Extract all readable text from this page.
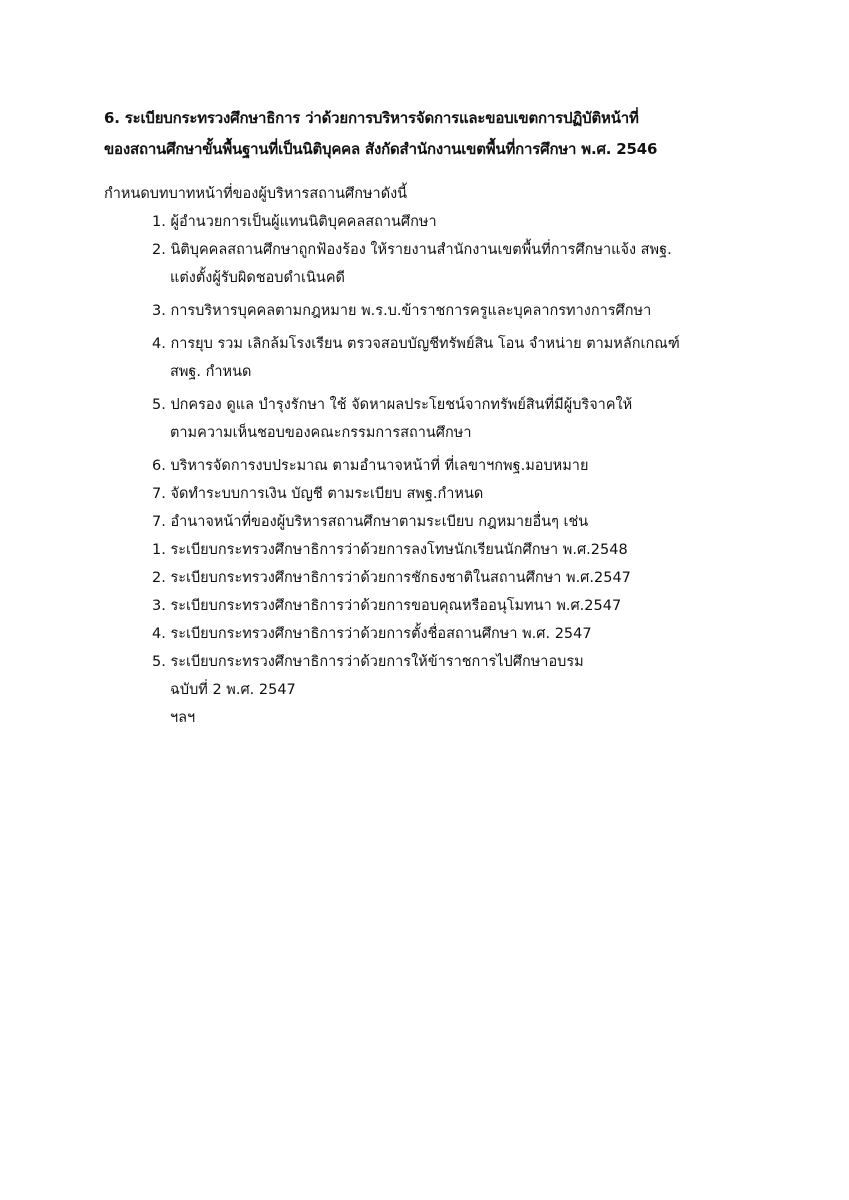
6. ระเบียบกระทรวงศึกษาธิการ ว่าด้วยการบริหารจัดการและขอบเขตการปฏิบัติหน้าที่
ของสถานศึกษาขั้นพื้นฐานที่เป็นนิติบุคคล สังกัดสำนักงานเขตพื้นที่การศึกษา พ.ศ. 2546
กำหนดบทบาทหน้าที่ของผู้บริหารสถานศึกษาดังนี้
1. ผู้อำนวยการเป็นผู้แทนนิติบุคคลสถานศึกษา
2. นิติบุคคลสถานศึกษาถูกฟ้องร้อง ให้รายงานสำนักงานเขตพื้นที่การศึกษาแจ้ง สพฐ.
แต่งตั้งผู้รับผิดชอบดำเนินคดี
3. การบริหารบุคคลตามกฎหมาย พ.ร.บ.ข้าราชการครูและบุคลากรทางการศึกษา
4. การยุบ รวม เลิกล้มโรงเรียน ตรวจสอบบัญชีทรัพย์สิน โอน จำหน่าย ตามหลักเกณฑ์
สพฐ. กำหนด
5. ปกครอง ดูแล บำรุงรักษา ใช้ จัดหาผลประโยชน์จากทรัพย์สินที่มีผู้บริจาคให้
ตามความเห็นชอบของคณะกรรมการสถานศึกษา
6. บริหารจัดการงบประมาณ ตามอำนาจหน้าที่ ที่เลขาฯกพฐ.มอบหมาย
7. จัดทำระบบการเงิน บัญชี ตามระเบียบ สพฐ.กำหนด
7. อำนาจหน้าที่ของผู้บริหารสถานศึกษาตามระเบียบ กฎหมายอื่นๆ เช่น
1. ระเบียบกระทรวงศึกษาธิการว่าด้วยการลงโทษนักเรียนนักศึกษา พ.ศ.2548
2. ระเบียบกระทรวงศึกษาธิการว่าด้วยการชักธงชาติในสถานศึกษา พ.ศ.2547
3. ระเบียบกระทรวงศึกษาธิการว่าด้วยการขอบคุณหรืออนุโมทนา พ.ศ.2547
4. ระเบียบกระทรวงศึกษาธิการว่าด้วยการตั้งชื่อสถานศึกษา พ.ศ. 2547
5. ระเบียบกระทรวงศึกษาธิการว่าด้วยการให้ข้าราชการไปศึกษาอบรม
ฉบับที่ 2 พ.ศ. 2547
ฯลฯ
